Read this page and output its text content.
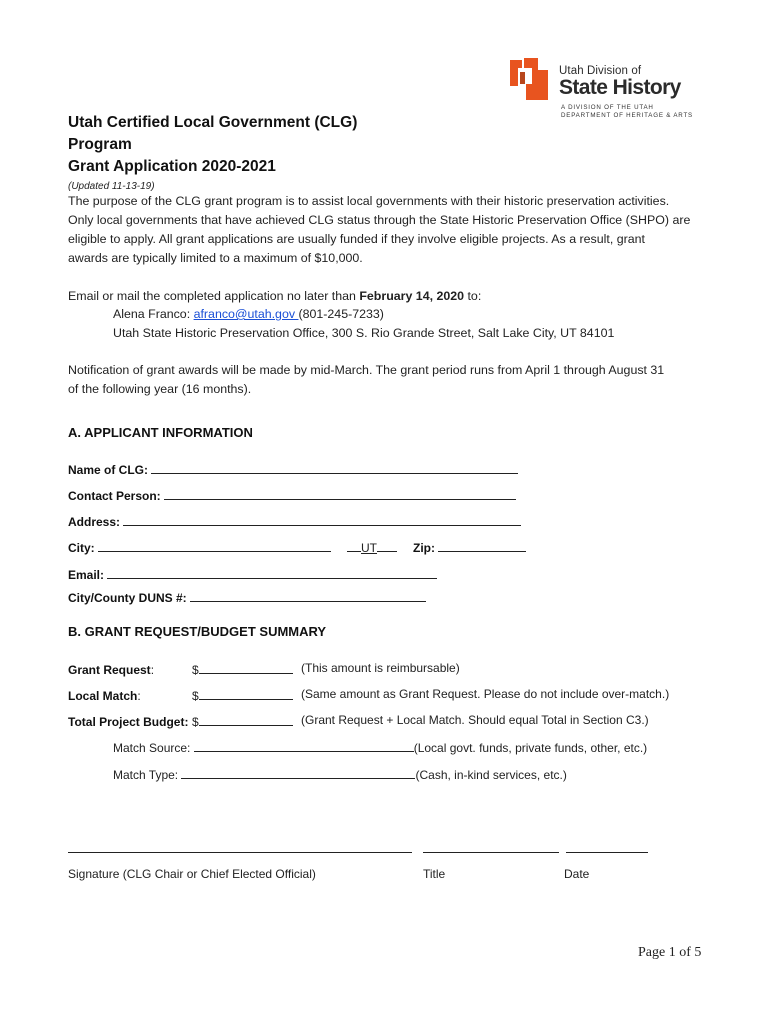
Utah Division of
State History
A DIVISION OF THE UTAH
DEPARTMENT OF HERITAGE & ARTS
Utah Certified Local Government (CLG)
Program
Grant Application 2020-2021
(Updated 11-13-19)
The purpose of the CLG grant program is to assist local governments with their historic preservation activities.
Only local governments that have achieved CLG status through the State Historic Preservation Office (SHPO) are
eligible to apply. All grant applications are usually funded if they involve eligible projects. As a result, grant
awards are typically limited to a maximum of $10,000.
Email or mail the completed application no later than February 14, 2020 to:
Alena Franco: afranco@utah.gov (801-245-7233)
Utah State Historic Preservation Office, 300 S. Rio Grande Street, Salt Lake City, UT 84101
Notification of grant awards will be made by mid-March. The grant period runs from April 1 through August 31
of the following year (16 months).
A. APPLICANT INFORMATION
Name of CLG:
Contact Person:
Address:
City:	UT	Zip:
Email:
City/County DUNS #:
B. GRANT REQUEST/BUDGET SUMMARY
Grant Request:	$	(This amount is reimbursable)
Local Match:	$	(Same amount as Grant Request. Please do not include over-match.)
Total Project Budget: $	(Grant Request + Local Match. Should equal Total in Section C3.)
Match Source:	(Local govt. funds, private funds, other, etc.)
Match Type:	(Cash, in-kind services, etc.)
Signature (CLG Chair or Chief Elected Official)	Title	Date
Page 1 of 5
